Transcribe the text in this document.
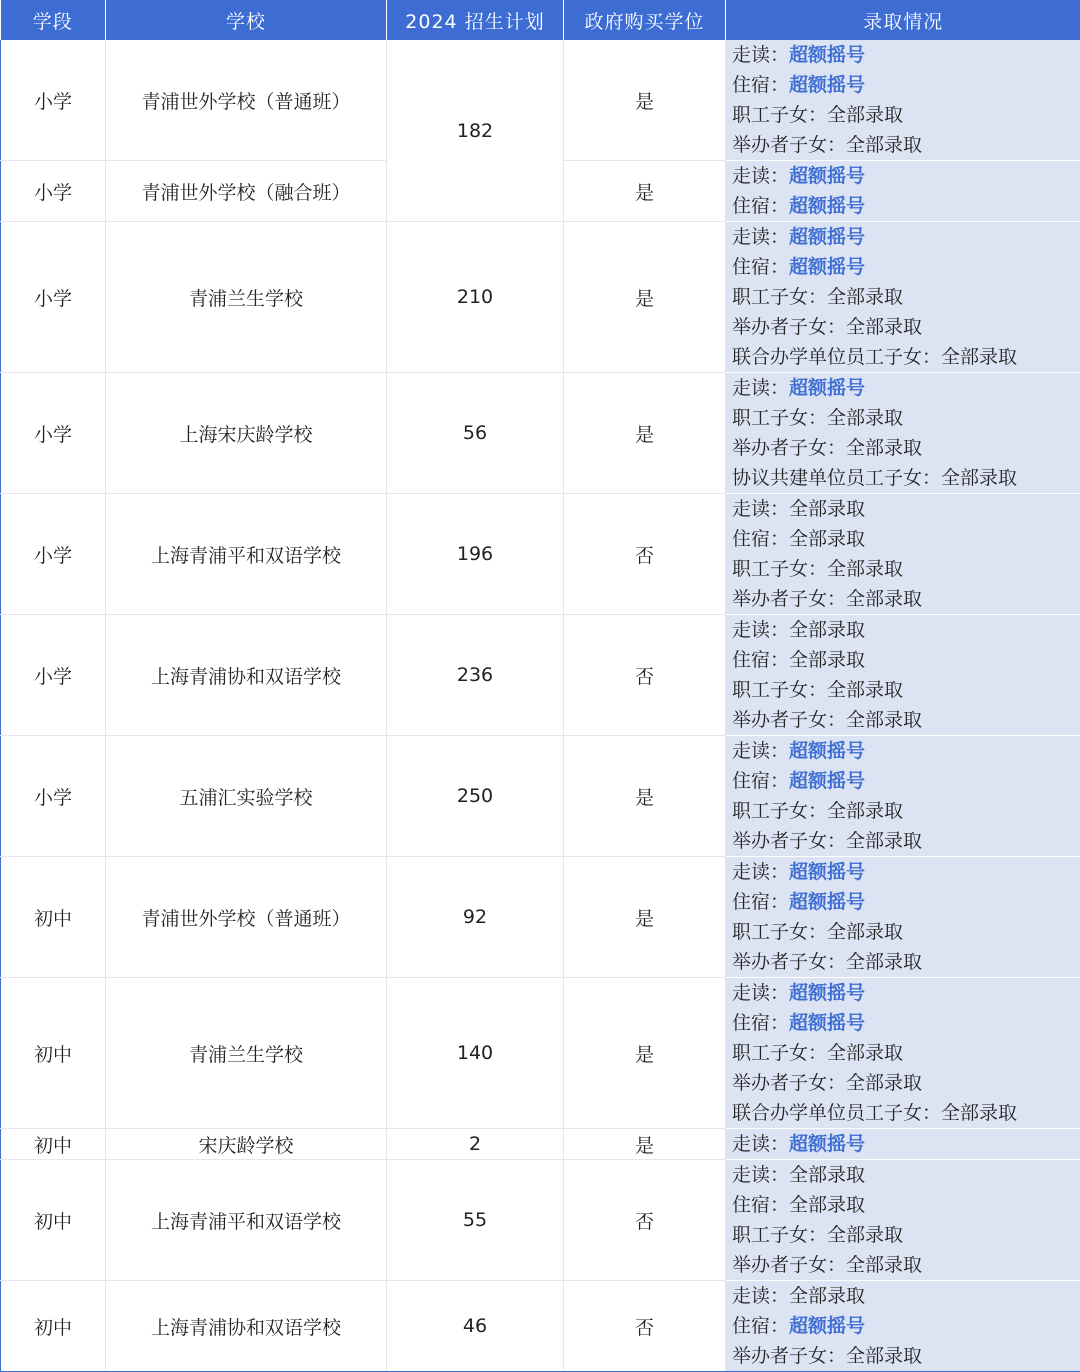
学段	学校	2024 招生计划	政府购买学位	录取情况
小学	青浦世外学校（普通班）	182	是	走读：超额摇号
住宿：超额摇号
职工子女：全部录取
举办者子女：全部录取

小学	青浦世外学校（融合班）		是	走读：超额摇号
住宿：超额摇号

小学	青浦兰生学校	210	是	走读：超额摇号
住宿：超额摇号
职工子女：全部录取
举办者子女：全部录取
联合办学单位员工子女：全部录取

小学	上海宋庆龄学校	56	是	走读：超额摇号
职工子女：全部录取
举办者子女：全部录取
协议共建单位员工子女：全部录取

小学	上海青浦平和双语学校	196	否	走读：全部录取
住宿：全部录取
职工子女：全部录取
举办者子女：全部录取

小学	上海青浦协和双语学校	236	否	走读：全部录取
住宿：全部录取
职工子女：全部录取
举办者子女：全部录取

小学	五浦汇实验学校	250	是	走读：超额摇号
住宿：超额摇号
职工子女：全部录取
举办者子女：全部录取

初中	青浦世外学校（普通班）	92	是	走读：超额摇号
住宿：超额摇号
职工子女：全部录取
举办者子女：全部录取

初中	青浦兰生学校	140	是	走读：超额摇号
住宿：超额摇号
职工子女：全部录取
举办者子女：全部录取
联合办学单位员工子女：全部录取

初中	宋庆龄学校	2	是	走读：超额摇号

初中	上海青浦平和双语学校	55	否	走读：全部录取
住宿：全部录取
职工子女：全部录取
举办者子女：全部录取

初中	上海青浦协和双语学校	46	否	走读：全部录取
住宿：超额摇号
举办者子女：全部录取
